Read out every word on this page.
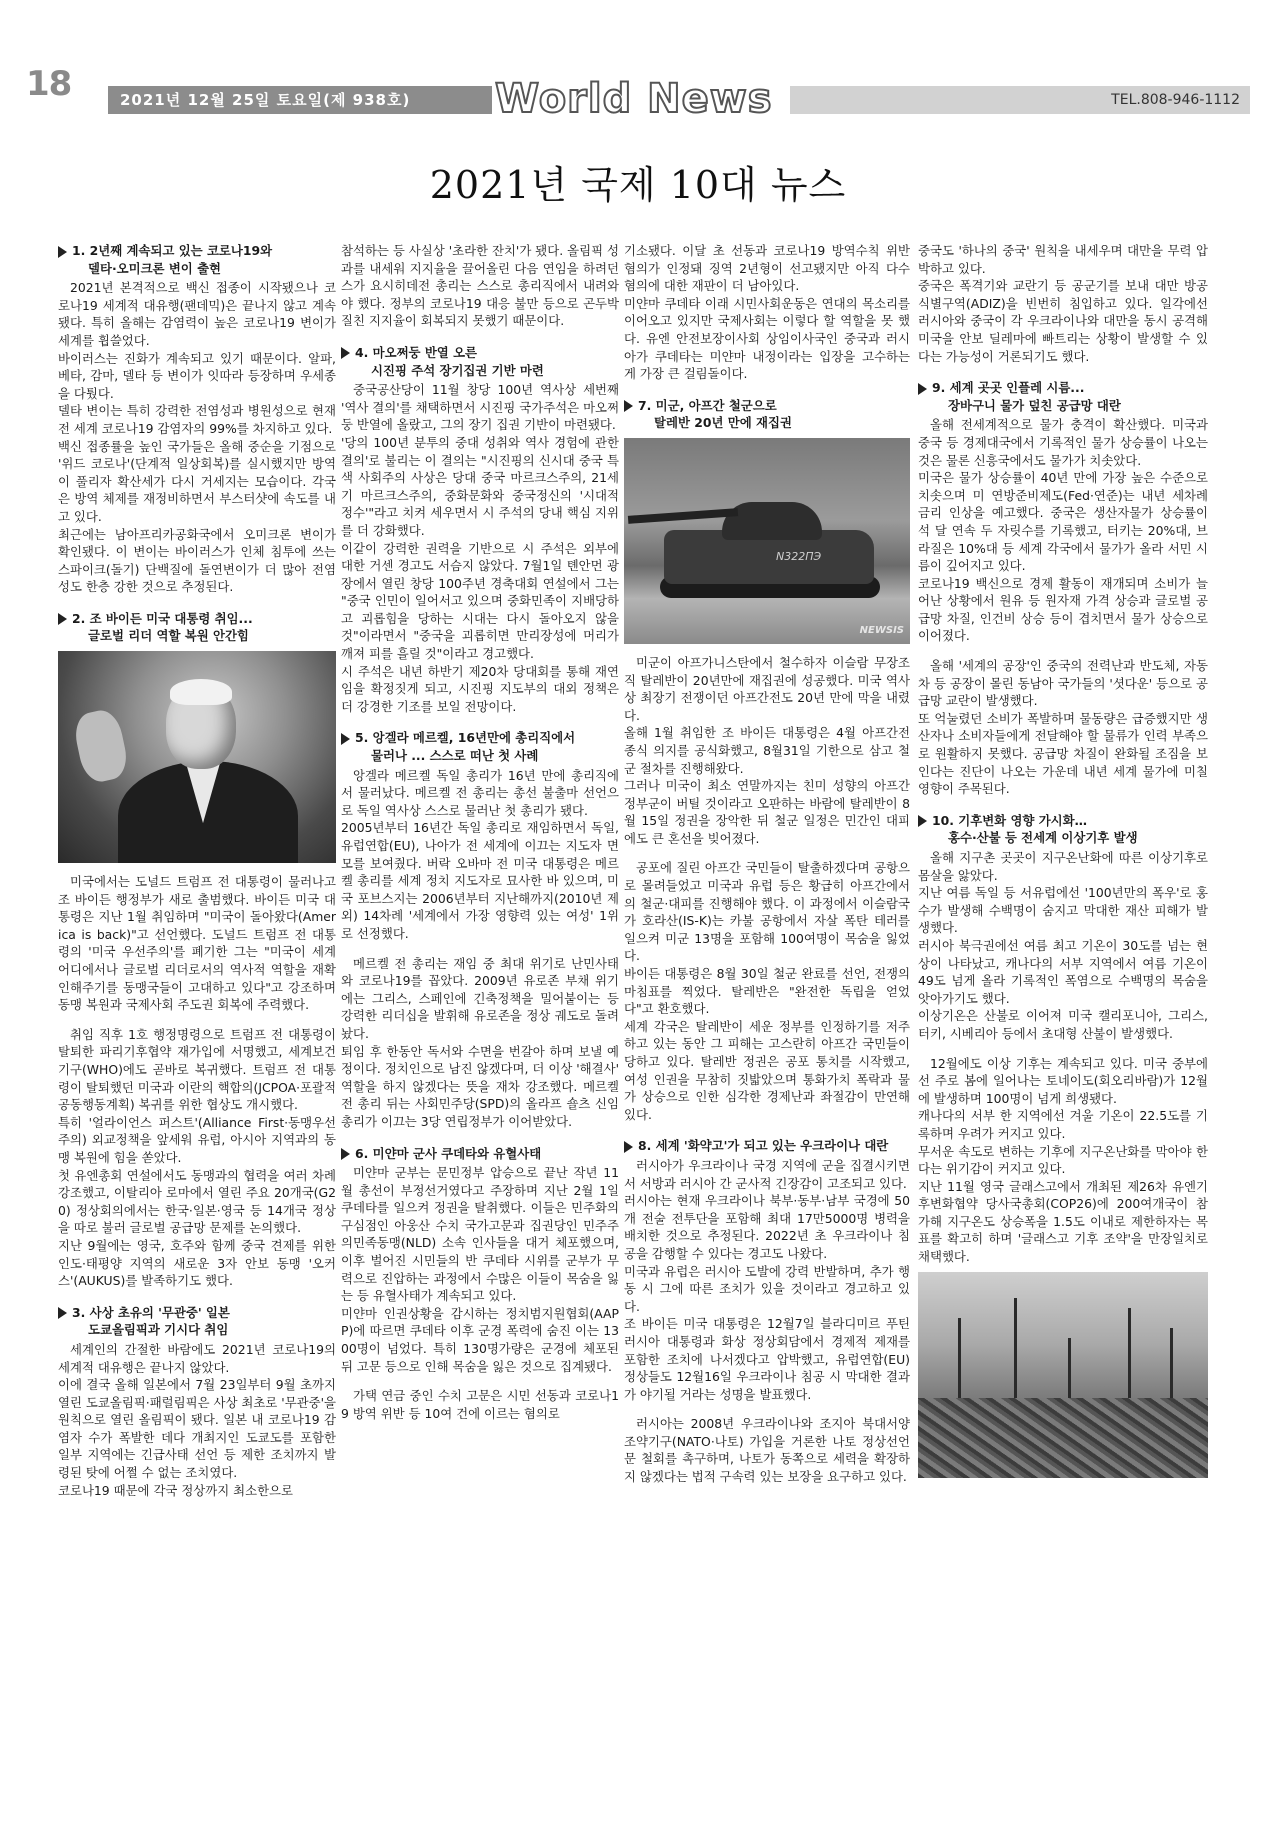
18	2021년 12월 25일 토요일(제 938호)	World News	TEL.808-946-1112
2021년 국제 10대 뉴스
1. 2년째 계속되고 있는 코로나19와
델타·오미크론 변이 출현

2021년 본격적으로 백신 접종이 시작됐으나 코로나19 세계적 대유행(팬데믹)은 끝나지 않고 계속됐다. 특히 올해는 감염력이 높은 코로나19 변이가 세계를 휩쓸었다.

바이러스는 진화가 계속되고 있기 때문이다. 알파, 베타, 감마, 델타 등 변이가 잇따라 등장하며 우세종을 다퉜다.

델타 변이는 특히 강력한 전염성과 병원성으로 현재 전 세계 코로나19 감염자의 99%를 차지하고 있다.

백신 접종률을 높인 국가들은 올해 중순을 기점으로 '위드 코로나'(단계적 일상회복)를 실시했지만 방역이 풀리자 확산세가 다시 거세지는 모습이다. 각국은 방역 체제를 재정비하면서 부스터샷에 속도를 내고 있다.

최근에는 남아프리카공화국에서 오미크론 변이가 확인됐다. 이 변이는 바이러스가 인체 침투에 쓰는 스파이크(돌기) 단백질에 돌연변이가 더 많아 전염성도 한층 강한 것으로 추정된다.

2. 조 바이든 미국 대통령 취임...
글로벌 리더 역할 복원 안간힘

미국에서는 도널드 트럼프 전 대통령이 물러나고 조 바이든 행정부가 새로 출범했다. 바이든 미국 대통령은 지난 1월 취임하며 "미국이 돌아왔다(America is back)"고 선언했다. 도널드 트럼프 전 대통령의 '미국 우선주의'를 폐기한 그는 "미국이 세계 어디에서나 글로벌 리더로서의 역사적 역할을 재확인해주기를 동맹국들이 고대하고 있다"고 강조하며 동맹 복원과 국제사회 주도권 회복에 주력했다.

취임 직후 1호 행정명령으로 트럼프 전 대통령이 탈퇴한 파리기후협약 재가입에 서명했고, 세계보건기구(WHO)에도 곧바로 복귀했다. 트럼프 전 대통령이 탈퇴했던 미국과 이란의 핵합의(JCPOA·포괄적공동행동계획) 복귀를 위한 협상도 개시했다.

특히 '얼라이언스 퍼스트'(Alliance First·동맹우선주의) 외교정책을 앞세워 유럽, 아시아 지역과의 동맹 복원에 힘을 쏟았다.

첫 유엔총회 연설에서도 동맹과의 협력을 여러 차례 강조했고, 이탈리아 로마에서 열린 주요 20개국(G20) 정상회의에서는 한국·일본·영국 등 14개국 정상을 따로 불러 글로벌 공급망 문제를 논의했다.

지난 9월에는 영국, 호주와 함께 중국 견제를 위한 인도·태평양 지역의 새로운 3자 안보 동맹 '오커스'(AUKUS)를 발족하기도 했다.

3. 사상 초유의 '무관중' 일본
도쿄올림픽과 기시다 취임

세계인의 간절한 바람에도 2021년 코로나19의 세계적 대유행은 끝나지 않았다.

이에 결국 올해 일본에서 7월 23일부터 9월 초까지 열린 도쿄올림픽·패럴림픽은 사상 최초로 '무관중'을 원칙으로 열린 올림픽이 됐다. 일본 내 코로나19 감염자 수가 폭발한 데다 개최지인 도쿄도를 포함한 일부 지역에는 긴급사태 선언 등 제한 조치까지 발령된 탓에 어쩔 수 없는 조치였다.

코로나19 때문에 각국 정상까지 최소한으로

참석하는 등 사실상 '초라한 잔치'가 됐다. 올림픽 성과를 내세워 지지율을 끌어올린 다음 연임을 하려던 스가 요시히데전 총리는 스스로 총리직에서 내려와야 했다. 정부의 코로나19 대응 불만 등으로 곤두박질친 지지율이 회복되지 못했기 때문이다.

4. 마오쩌둥 반열 오른
시진핑 주석 장기집권 기반 마련

중국공산당이 11월 창당 100년 역사상 세번째 '역사 결의'를 채택하면서 시진핑 국가주석은 마오쩌둥 반열에 올랐고, 그의 장기 집권 기반이 마련됐다.

'당의 100년 분투의 중대 성취와 역사 경험에 관한 결의'로 불리는 이 결의는 "시진핑의 신시대 중국 특색 사회주의 사상은 당대 중국 마르크스주의, 21세기 마르크스주의, 중화문화와 중국정신의 '시대적 정수'"라고 치켜 세우면서 시 주석의 당내 핵심 지위를 더 강화했다.

이같이 강력한 권력을 기반으로 시 주석은 외부에 대한 거센 경고도 서슴지 않았다. 7월1일 톈안먼 광장에서 열린 창당 100주년 경축대회 연설에서 그는 "중국 인민이 일어서고 있으며 중화민족이 지배당하고 괴롭힘을 당하는 시대는 다시 돌아오지 않을 것"이라면서 "중국을 괴롭히면 만리장성에 머리가 깨져 피를 흘릴 것"이라고 경고했다.

시 주석은 내년 하반기 제20차 당대회를 통해 재연임을 확정짓게 되고, 시진핑 지도부의 대외 정책은 더 강경한 기조를 보일 전망이다.

5. 앙겔라 메르켈, 16년만에 총리직에서
물러나 ... 스스로 떠난 첫 사례

앙겔라 메르켈 독일 총리가 16년 만에 총리직에서 물러났다. 메르켈 전 총리는 총선 불출마 선언으로 독일 역사상 스스로 물러난 첫 총리가 됐다.

2005년부터 16년간 독일 총리로 재임하면서 독일, 유럽연합(EU), 나아가 전 세계에 이끄는 지도자 면모를 보여줬다. 버락 오바마 전 미국 대통령은 메르켈 총리를 세계 정치 지도자로 묘사한 바 있으며, 미국 포브스지는 2006년부터 지난해까지(2010년 제외) 14차례 '세계에서 가장 영향력 있는 여성' 1위로 선정했다.

메르켈 전 총리는 재임 중 최대 위기로 난민사태와 코로나19를 꼽았다. 2009년 유로존 부채 위기에는 그리스, 스페인에 긴축정책을 밀어붙이는 등 강력한 리더십을 발휘해 유로존을 정상 궤도로 돌려놨다.

퇴임 후 한동안 독서와 수면을 번갈아 하며 보낼 예정이다. 정치인으로 남진 않겠다며, 더 이상 '해결사' 역할을 하지 않겠다는 뜻을 재차 강조했다. 메르켈 전 총리 뒤는 사회민주당(SPD)의 올라프 숄츠 신임 총리가 이끄는 3당 연립정부가 이어받았다.

6. 미얀마 군사 쿠데타와 유혈사태

미얀마 군부는 문민정부 압승으로 끝난 작년 11월 총선이 부정선거였다고 주장하며 지난 2월 1일 쿠데타를 일으켜 정권을 탈취했다. 이들은 민주화의 구심점인 아웅산 수치 국가고문과 집권당인 민주주의민족동맹(NLD) 소속 인사들을 대거 체포했으며, 이후 벌어진 시민들의 반 쿠데타 시위를 군부가 무력으로 진압하는 과정에서 수많은 이들이 목숨을 잃는 등 유혈사태가 계속되고 있다.

미얀마 인권상황을 감시하는 정치범지원협회(AAPP)에 따르면 쿠데타 이후 군경 폭력에 숨진 이는 1300명이 넘었다. 특히 130명가량은 군경에 체포된 뒤 고문 등으로 인해 목숨을 잃은 것으로 집계됐다.

가택 연금 중인 수치 고문은 시민 선동과 코로나19 방역 위반 등 10여 건에 이르는 혐의로

기소됐다. 이달 초 선동과 코로나19 방역수칙 위반 혐의가 인정돼 징역 2년형이 선고됐지만 아직 다수 혐의에 대한 재판이 더 남아있다.

미얀마 쿠데타 이래 시민사회운동은 연대의 목소리를 이어오고 있지만 국제사회는 이렇다 할 역할을 못 했다. 유엔 안전보장이사회 상임이사국인 중국과 러시아가 쿠데타는 미얀마 내정이라는 입장을 고수하는 게 가장 큰 걸림돌이다.

7. 미군, 아프간 철군으로
탈레반 20년 만에 재집권
N322ПЭ
NEWSIS

미군이 아프가니스탄에서 철수하자 이슬람 무장조직 탈레반이 20년만에 재집권에 성공했다. 미국 역사상 최장기 전쟁이던 아프간전도 20년 만에 막을 내렸다.

올해 1월 취임한 조 바이든 대통령은 4월 아프간전 종식 의지를 공식화했고, 8월31일 기한으로 삼고 철군 절차를 진행해왔다.

그러나 미국이 최소 연말까지는 친미 성향의 아프간 정부군이 버틸 것이라고 오판하는 바람에 탈레반이 8월 15일 정권을 장악한 뒤 철군 일정은 민간인 대피에도 큰 혼선을 빚어졌다.

공포에 질린 아프간 국민들이 탈출하겠다며 공항으로 몰려들었고 미국과 유럽 등은 황급히 아프간에서의 철군·대피를 진행해야 했다. 이 과정에서 이슬람국가 호라산(IS-K)는 카불 공항에서 자살 폭탄 테러를 일으켜 미군 13명을 포함해 100여명이 목숨을 잃었다.

바이든 대통령은 8월 30일 철군 완료를 선언, 전쟁의 마침표를 찍었다. 탈레반은 "완전한 독립을 얻었다"고 환호했다.

세계 각국은 탈레반이 세운 정부를 인정하기를 저주하고 있는 동안 그 피해는 고스란히 아프간 국민들이 당하고 있다. 탈레반 정권은 공포 통치를 시작했고, 여성 인권을 무참히 짓밟았으며 통화가치 폭락과 물가 상승으로 인한 심각한 경제난과 좌절감이 만연해 있다.

8. 세계 '화약고'가 되고 있는 우크라이나 대란

러시아가 우크라이나 국경 지역에 군을 집결시키면서 서방과 러시아 간 군사적 긴장감이 고조되고 있다.

러시아는 현재 우크라이나 북부·동부·남부 국경에 50개 전술 전투단을 포함해 최대 17만5000명 병력을 배치한 것으로 추정된다. 2022년 초 우크라이나 침공을 감행할 수 있다는 경고도 나왔다.

미국과 유럽은 러시아 도발에 강력 반발하며, 추가 행동 시 그에 따른 조치가 있을 것이라고 경고하고 있다.

조 바이든 미국 대통령은 12월7일 블라디미르 푸틴 러시아 대통령과 화상 정상회담에서 경제적 제재를 포함한 조치에 나서겠다고 압박했고, 유럽연합(EU) 정상들도 12월16일 우크라이나 침공 시 막대한 결과가 야기될 거라는 성명을 발표했다.

러시아는 2008년 우크라이나와 조지아 북대서양조약기구(NATO·나토) 가입을 거론한 나토 정상선언문 철회를 촉구하며, 나토가 동쪽으로 세력을 확장하지 않겠다는 법적 구속력 있는 보장을 요구하고 있다.

중국도 '하나의 중국' 원칙을 내세우며 대만을 무력 압박하고 있다.

중국은 폭격기와 교란기 등 공군기를 보내 대만 방공식별구역(ADIZ)을 빈번히 침입하고 있다. 일각에선 러시아와 중국이 각 우크라이나와 대만을 동시 공격해 미국을 안보 딜레마에 빠트리는 상황이 발생할 수 있다는 가능성이 거론되기도 했다.

9. 세계 곳곳 인플레 시름...
장바구니 물가 덮친 공급망 대란

올해 전세계적으로 물가 충격이 확산했다. 미국과 중국 등 경제대국에서 기록적인 물가 상승률이 나오는 것은 물론 신흥국에서도 물가가 치솟았다.

미국은 물가 상승률이 40년 만에 가장 높은 수준으로 치솟으며 미 연방준비제도(Fed·연준)는 내년 세차례 금리 인상을 예고했다. 중국은 생산자물가 상승률이 석 달 연속 두 자릿수를 기록했고, 터키는 20%대, 브라질은 10%대 등 세계 각국에서 물가가 올라 서민 시름이 깊어지고 있다.

코로나19 백신으로 경제 활동이 재개되며 소비가 늘어난 상황에서 원유 등 원자재 가격 상승과 글로벌 공급망 차질, 인건비 상승 등이 겹치면서 물가 상승으로 이어졌다.

올해 '세계의 공장'인 중국의 전력난과 반도체, 자동차 등 공장이 몰린 동남아 국가들의 '셧다운' 등으로 공급망 교란이 발생했다.

또 억눌렸던 소비가 폭발하며 물동량은 급증했지만 생산자나 소비자들에게 전달해야 할 물류가 인력 부족으로 원활하지 못했다. 공급망 차질이 완화될 조짐을 보인다는 진단이 나오는 가운데 내년 세계 물가에 미칠 영향이 주목된다.

10. 기후변화 영향 가시화…
홍수·산불 등 전세계 이상기후 발생

올해 지구촌 곳곳이 지구온난화에 따른 이상기후로 몸살을 앓았다.

지난 여름 독일 등 서유럽에선 '100년만의 폭우'로 홍수가 발생해 수백명이 숨지고 막대한 재산 피해가 발생했다.

러시아 북극권에선 여름 최고 기온이 30도를 넘는 현상이 나타났고, 캐나다의 서부 지역에서 여름 기온이 49도 넘게 올라 기록적인 폭염으로 수백명의 목숨을 앗아가기도 했다.

이상기온은 산불로 이어져 미국 캘리포니아, 그리스, 터키, 시베리아 등에서 초대형 산불이 발생했다.

12월에도 이상 기후는 계속되고 있다. 미국 중부에선 주로 봄에 일어나는 토네이도(회오리바람)가 12월에 발생하며 100명이 넘게 희생됐다.

캐나다의 서부 한 지역에선 겨울 기온이 22.5도를 기록하며 우려가 커지고 있다.

무서운 속도로 변하는 기후에 지구온난화를 막아야 한다는 위기감이 커지고 있다.

지난 11월 영국 글래스고에서 개최된 제26차 유엔기후변화협약 당사국총회(COP26)에 200여개국이 참가해 지구온도 상승폭을 1.5도 이내로 제한하자는 목표를 확고히 하며 '글래스고 기후 조약'을 만장일치로 채택했다.
